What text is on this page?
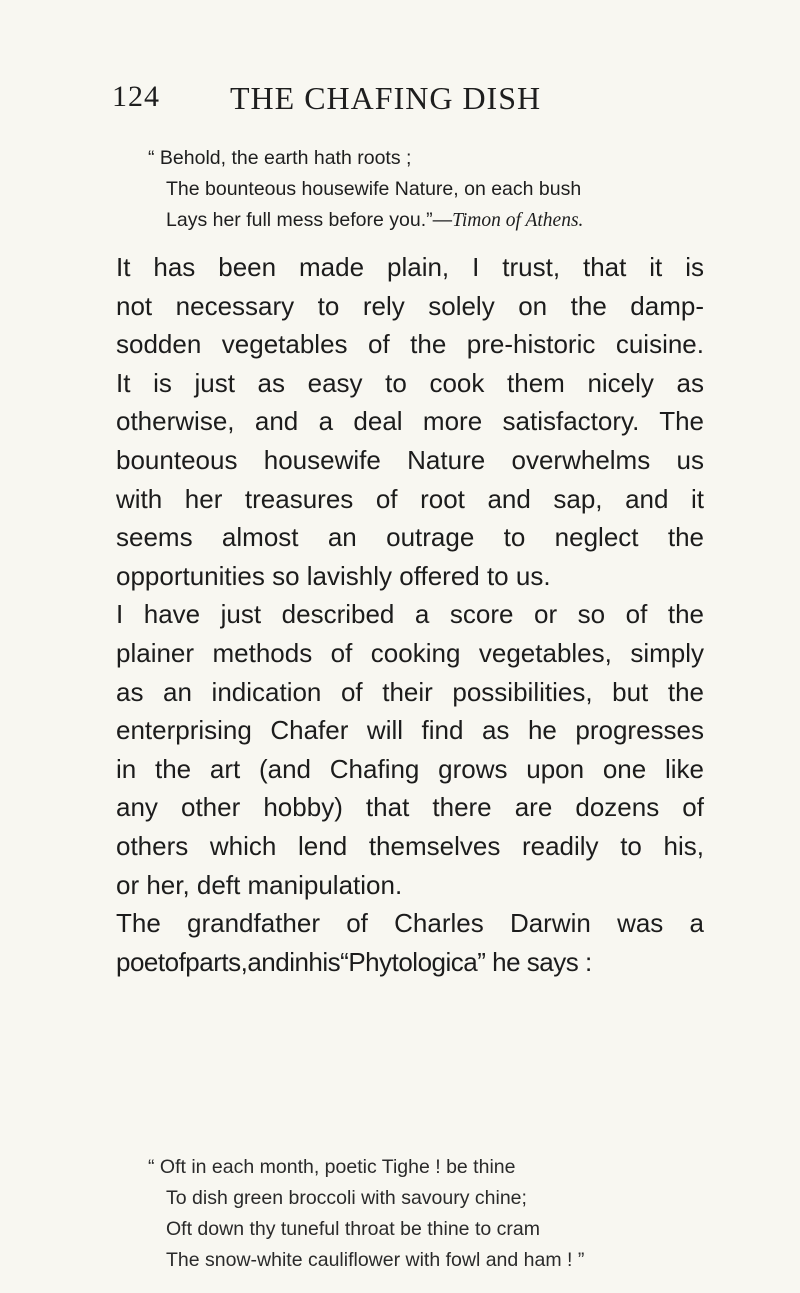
124 THE CHAFING DISH
“ Behold, the earth hath roots ;
The bounteous housewife Nature, on each bush
Lays her full mess before you.”—Timon of Athens.
It has been made plain, I trust, that it is
not necessary to rely solely on the damp-
sodden vegetables of the pre-historic cuisine.
It is just as easy to cook them nicely as
otherwise, and a deal more satisfactory. The
bounteous housewife Nature overwhelms us
with her treasures of root and sap, and it
seems almost an outrage to neglect the
opportunities so lavishly offered to us.
I have just described a score or so of the
plainer methods of cooking vegetables, simply
as an indication of their possibilities, but the
enterprising Chafer will find as he progresses
in the art (and Chafing grows upon one like
any other hobby) that there are dozens of
others which lend themselves readily to his,
or her, deft manipulation.
The grandfather of Charles Darwin was a
poetofparts,andinhis“Phytologica” he says :
“ Oft in each month, poetic Tighe ! be thine
To dish green broccoli with savoury chine;
Oft down thy tuneful throat be thine to cram
The snow-white cauliflower with fowl and ham ! ”
